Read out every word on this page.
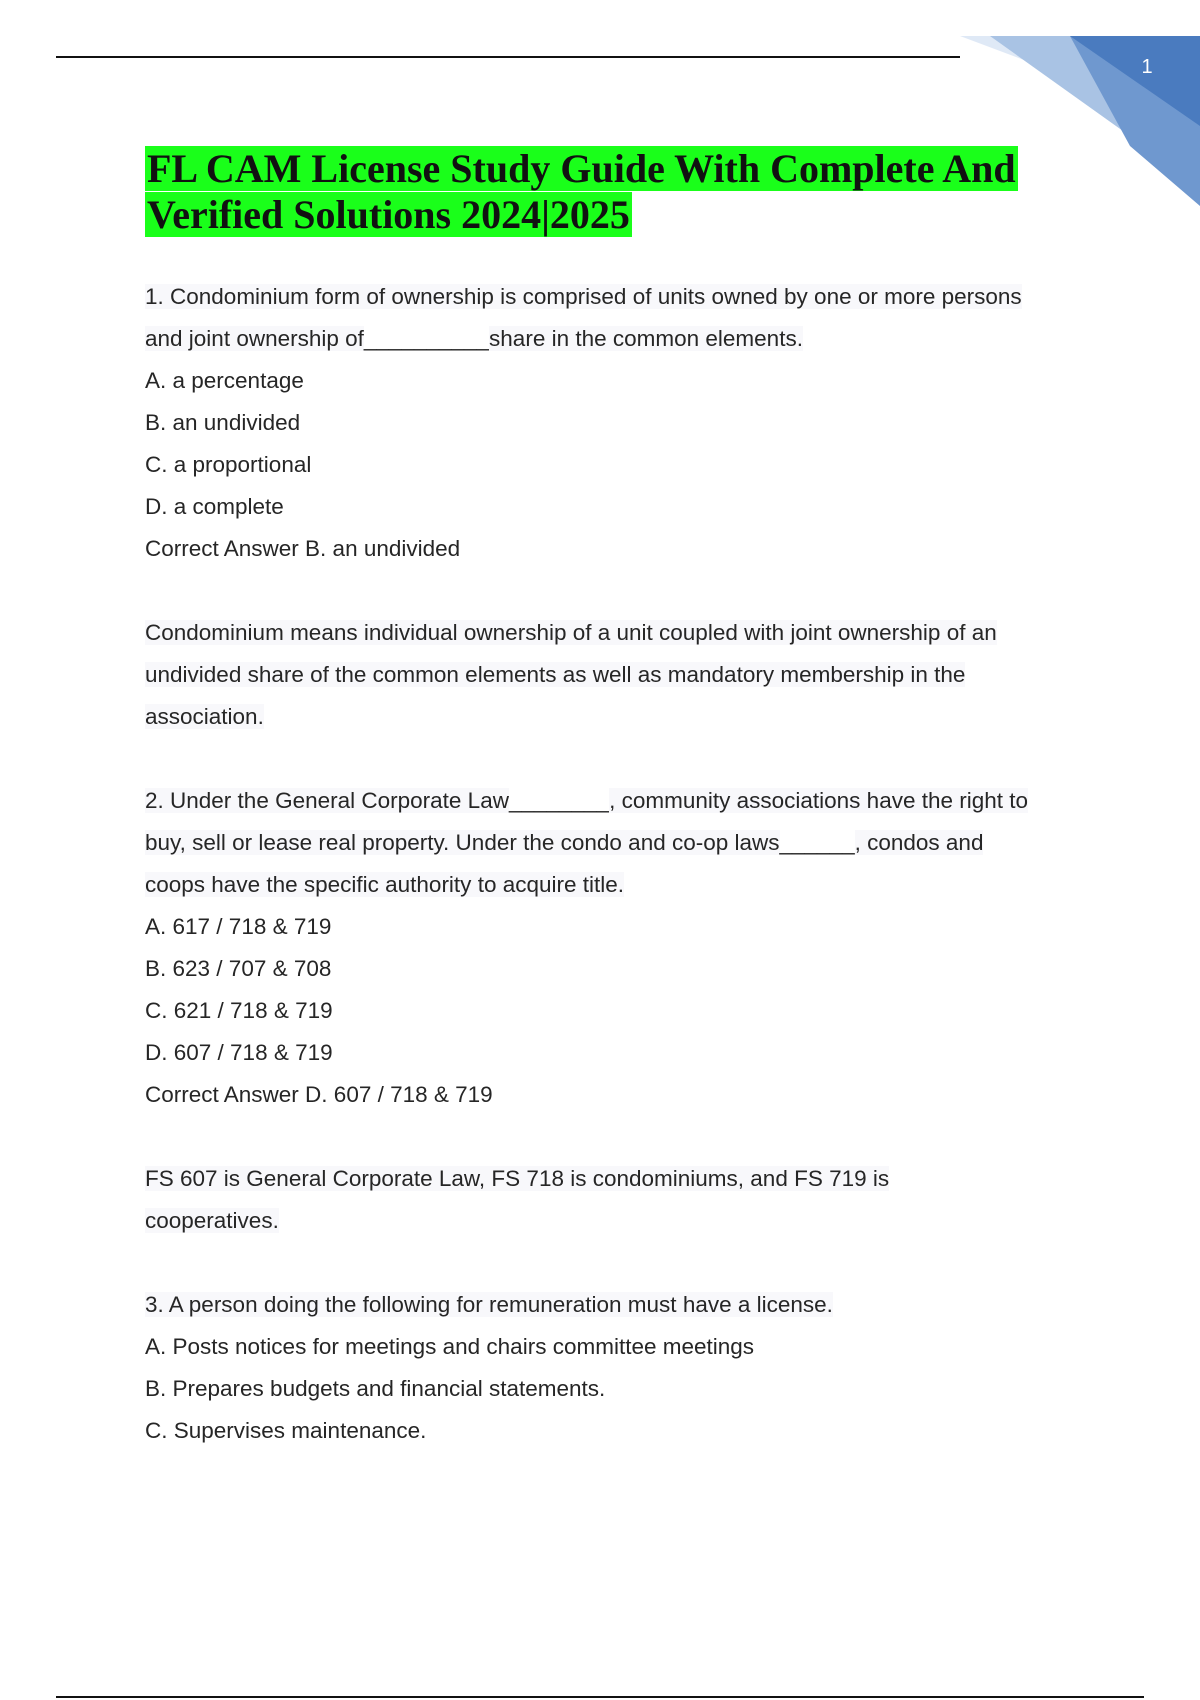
1
FL CAM License Study Guide With Complete And
Verified Solutions 2024|2025

1. Condominium form of ownership is comprised of units owned by one or more persons

and joint ownership of__________share in the common elements.

A. a percentage

B. an undivided

C. a proportional

D. a complete

Correct Answer B. an undivided

Condominium means individual ownership of a unit coupled with joint ownership of an

undivided share of the common elements as well as mandatory membership in the

association.

2. Under the General Corporate Law________, community associations have the right to

buy, sell or lease real property. Under the condo and co-op laws______, condos and

coops have the specific authority to acquire title.

A. 617 / 718 & 719

B. 623 / 707 & 708

C. 621 / 718 & 719

D. 607 / 718 & 719

Correct Answer D. 607 / 718 & 719

FS 607 is General Corporate Law, FS 718 is condominiums, and FS 719 is

cooperatives.

3. A person doing the following for remuneration must have a license.

A. Posts notices for meetings and chairs committee meetings

B. Prepares budgets and financial statements.

C. Supervises maintenance.
